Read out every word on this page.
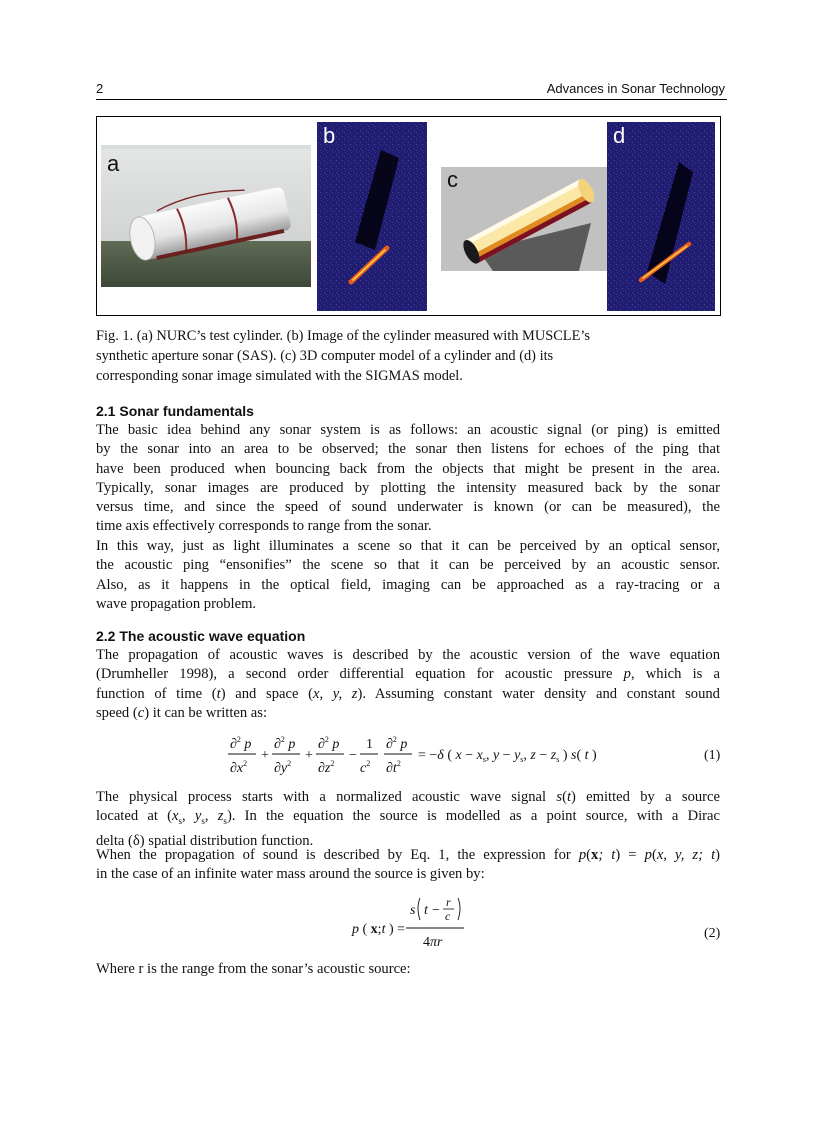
2	Advances in Sonar Technology
a
b
c
d
Fig. 1. (a) NURC’s test cylinder. (b) Image of the cylinder measured with MUSCLE’s
synthetic aperture sonar (SAS). (c) 3D computer model of a cylinder and (d) its
corresponding sonar image simulated with the SIGMAS model.
2.1 Sonar fundamentals
The basic idea behind any sonar system is as follows: an acoustic signal (or ping) is emitted
by the sonar into an area to be observed; the sonar then listens for echoes of the ping that
have been produced when bouncing back from the objects that might be present in the area.
Typically, sonar images are produced by plotting the intensity measured back by the sonar
versus time, and since the speed of sound underwater is known (or can be measured), the
time axis effectively corresponds to range from the sonar.
In this way, just as light illuminates a scene so that it can be perceived by an optical sensor,
the acoustic ping “ensonifies” the scene so that it can be perceived by an acoustic sensor.
Also, as it happens in the optical field, imaging can be approached as a ray-tracing or a
wave propagation problem.
2.2 The acoustic wave equation
The propagation of acoustic waves is described by the acoustic version of the wave equation
(Drumheller 1998), a second order differential equation for acoustic pressure p, which is a
function of time (t) and space (x, y, z). Assuming constant water density and constant sound
speed (c) it can be written as:
∂$^2$ p
$\partial x^2$
+
∂$^2$ p
$\partial y^2$
+
∂$^2$ p
$\partial z^2$
−
1
$c^2$
∂$^2$ p
$\partial t^2$
= −δ ( $x - x_s$, $y - y_s$, $z - z_s$ ) s( t )	(1)
The physical process starts with a normalized acoustic wave signal s(t) emitted by a source
located at ($x_s$, $y_s$, $z_s$). In the equation the source is modelled as a point source, with a Dirac
delta (δ) spatial distribution function.
When the propagation of sound is described by Eq. 1, the expression for p(x; t) = p(x, y, z; t)
in the case of an infinite water mass around the source is given by:
p ( x;t ) =
s t −
r
c
4πr
(2)
Where r is the range from the sonar’s acoustic source:
